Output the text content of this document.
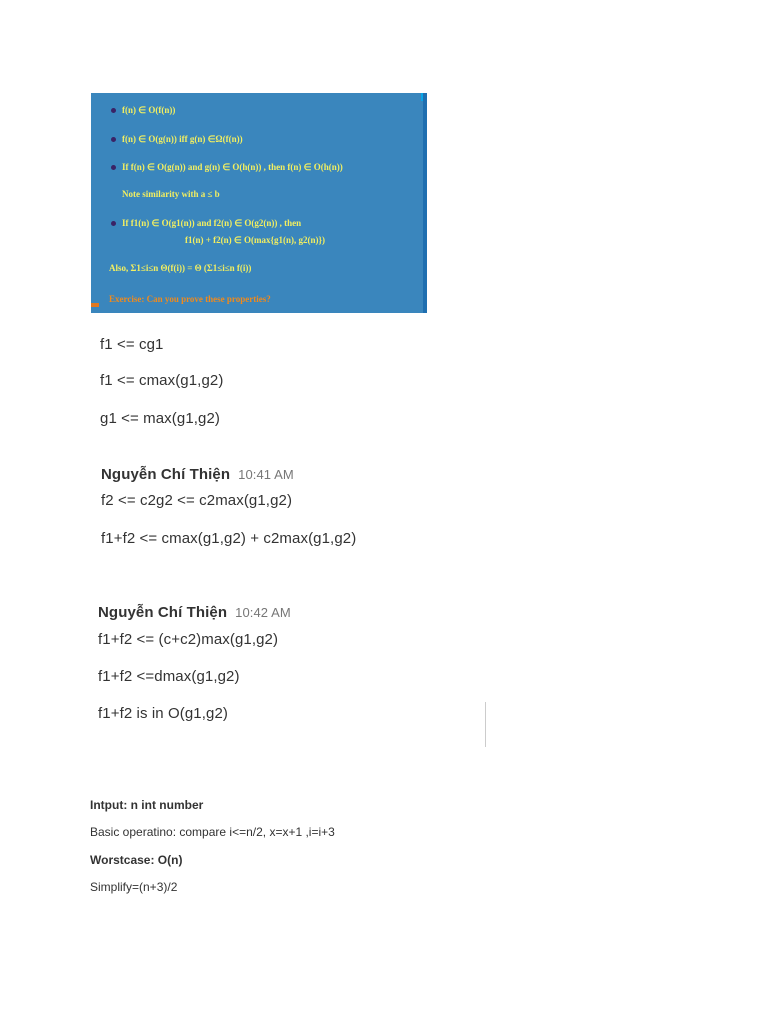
f(n) ∈ O(f(n))
f(n) ∈ O(g(n)) iff g(n) ∈Ω(f(n))
If f(n) ∈ O(g(n)) and g(n) ∈ O(h(n)) , then f(n) ∈ O(h(n))
Note similarity with a ≤ b
If f1(n) ∈ O(g1(n)) and f2(n) ∈ O(g2(n)) , then
f1(n) + f2(n) ∈ O(max{g1(n), g2(n)})
Also, Σ1≤i≤n Θ(f(i)) = Θ (Σ1≤i≤n f(i))
Exercise: Can you prove these properties?
f1 <= cg1
f1 <= cmax(g1,g2)
g1 <= max(g1,g2)
Nguyễn Chí Thiện 10:41 AM
f2 <= c2g2 <= c2max(g1,g2)
f1+f2 <= cmax(g1,g2) + c2max(g1,g2)
Nguyễn Chí Thiện 10:42 AM
f1+f2 <= (c+c2)max(g1,g2)
f1+f2 <=dmax(g1,g2)
f1+f2 is in O(g1,g2)
Intput: n int number
Basic operatino: compare i<=n/2, x=x+1 ,i=i+3
Worstcase: O(n)
Simplify=(n+3)/2
